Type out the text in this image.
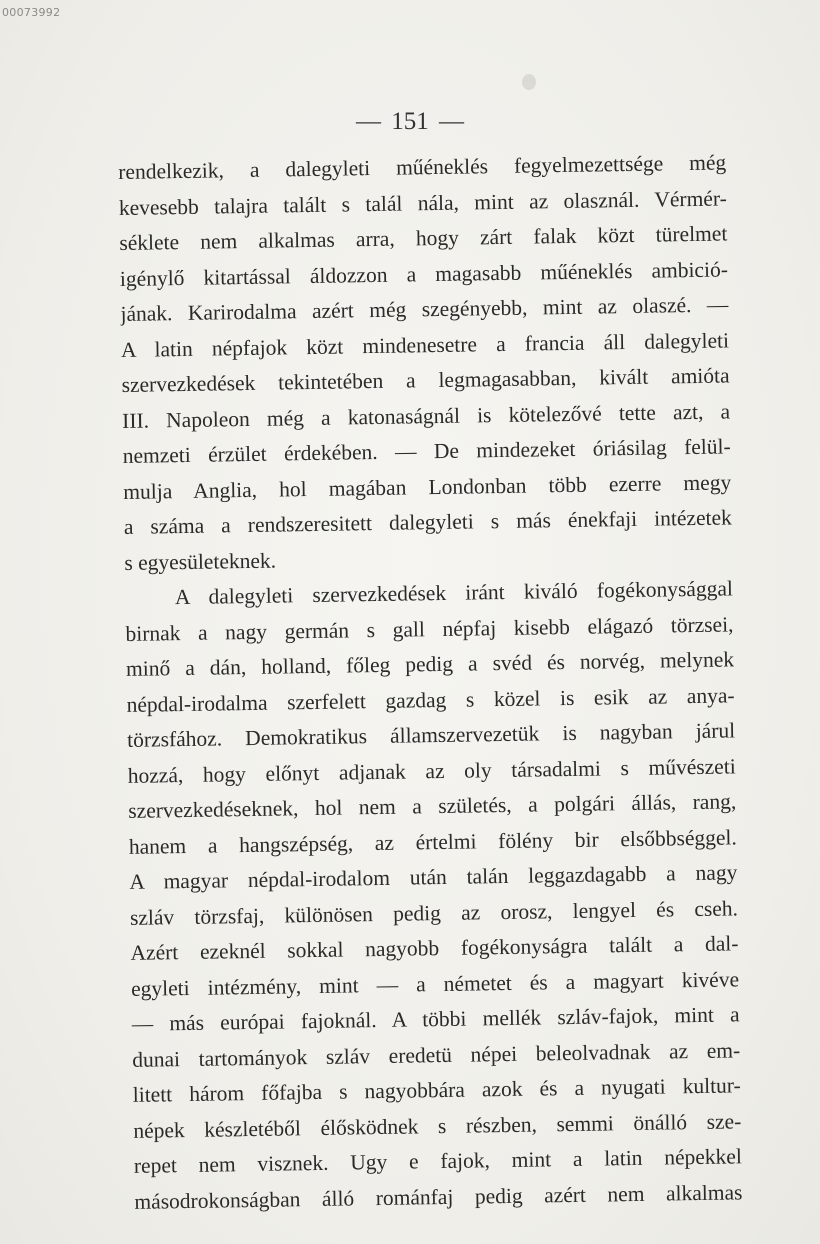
00073992
— 151 —
rendelkezik, a dalegyleti műéneklés fegyelmezettsége még
kevesebb talajra talált s talál nála, mint az olasznál. Vérmér-
séklete nem alkalmas arra, hogy zárt falak közt türelmet
igénylő kitartással áldozzon a magasabb műéneklés ambició-
jának. Karirodalma azért még szegényebb, mint az olaszé. —
A latin népfajok közt mindenesetre a francia áll dalegyleti
szervezkedések tekintetében a legmagasabban, kivált amióta
III. Napoleon még a katonaságnál is kötelezővé tette azt, a
nemzeti érzület érdekében. — De mindezeket óriásilag felül-
mulja Anglia, hol magában Londonban több ezerre megy
a száma a rendszeresitett dalegyleti s más énekfaji intézetek
s egyesületeknek.
A dalegyleti szervezkedések iránt kiváló fogékonysággal
birnak a nagy germán s gall népfaj kisebb elágazó törzsei,
minő a dán, holland, főleg pedig a svéd és norvég, melynek
népdal-irodalma szerfelett gazdag s közel is esik az anya-
törzsfához. Demokratikus államszervezetük is nagyban járul
hozzá, hogy előnyt adjanak az oly társadalmi s művészeti
szervezkedéseknek, hol nem a születés, a polgári állás, rang,
hanem a hangszépség, az értelmi fölény bir elsőbbséggel.
A magyar népdal-irodalom után talán leggazdagabb a nagy
szláv törzsfaj, különösen pedig az orosz, lengyel és cseh.
Azért ezeknél sokkal nagyobb fogékonyságra talált a dal-
egyleti intézmény, mint — a németet és a magyart kivéve
— más európai fajoknál. A többi mellék szláv-fajok, mint a
dunai tartományok szláv eredetü népei beleolvadnak az em-
litett három főfajba s nagyobbára azok és a nyugati kultur-
népek készletéből élősködnek s részben, semmi önálló sze-
repet nem visznek. Ugy e fajok, mint a latin népekkel
másodrokonságban álló románfaj pedig azért nem alkalmas
